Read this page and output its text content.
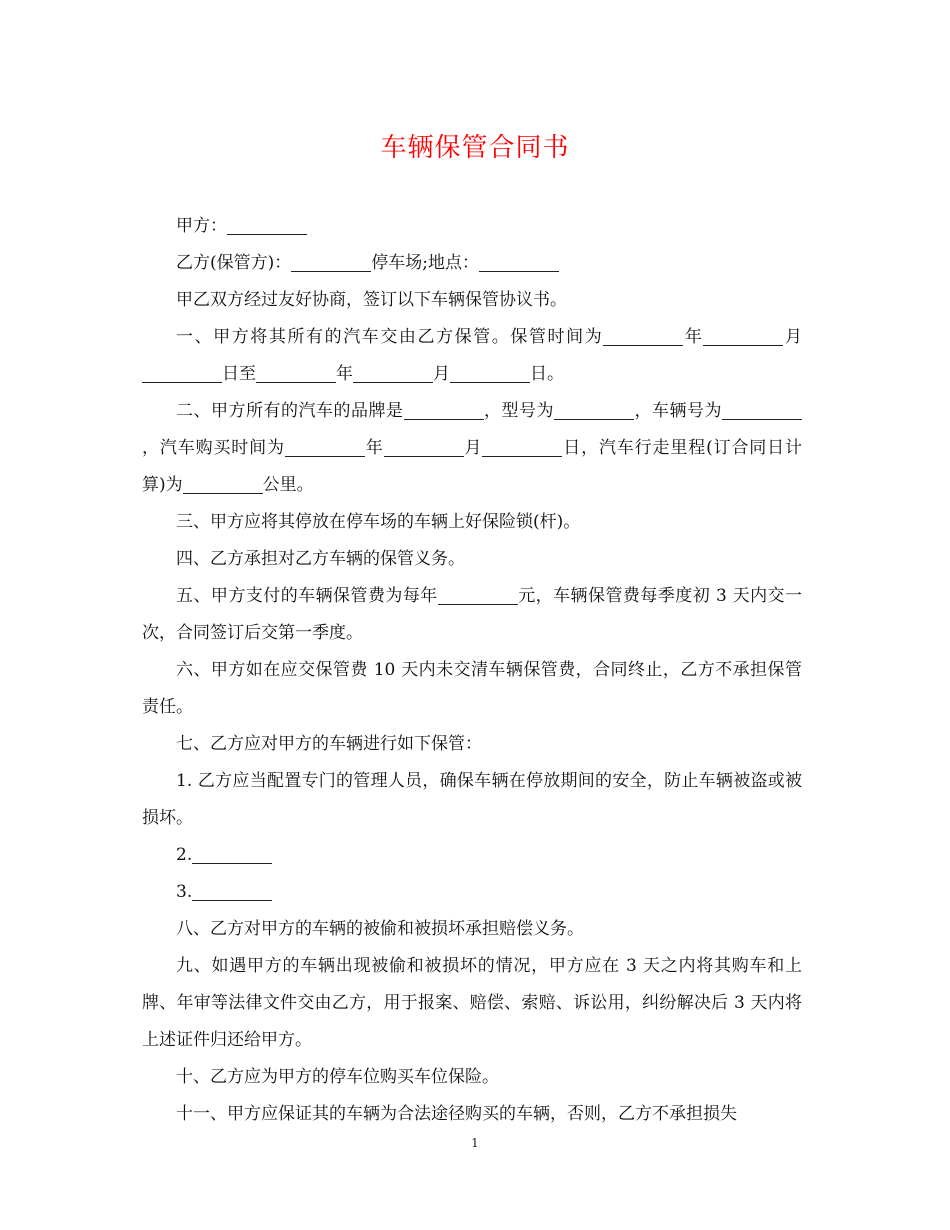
车辆保管合同书

甲方：

乙方(保管方)：	停车场;地点：

甲乙双方经过友好协商，签订以下车辆保管协议书。

一、甲方将其所有的汽车交由乙方保管。保管时间为	年	月日至	年	月	日。

二、甲方所有的汽车的品牌是	，型号为	，车辆号为，汽车购买时间为	年	月	日，汽车行走里程(订合同日计算)为	公里。

三、甲方应将其停放在停车场的车辆上好保险锁(杆)。

四、乙方承担对乙方车辆的保管义务。

五、甲方支付的车辆保管费为每年	元，车辆保管费每季度初 3 天内交一次，合同签订后交第一季度。

六、甲方如在应交保管费 10 天内未交清车辆保管费，合同终止，乙方不承担保管责任。

七、乙方应对甲方的车辆进行如下保管：

1. 乙方应当配置专门的管理人员，确保车辆在停放期间的安全，防止车辆被盗或被损坏。

2.

3.

八、乙方对甲方的车辆的被偷和被损坏承担赔偿义务。

九、如遇甲方的车辆出现被偷和被损坏的情况，甲方应在 3 天之内将其购车和上牌、年审等法律文件交由乙方，用于报案、赔偿、索赔、诉讼用，纠纷解决后 3 天内将上述证件归还给甲方。

十、乙方应为甲方的停车位购买车位保险。

十一、甲方应保证其的车辆为合法途径购买的车辆，否则，乙方不承担损失

1
